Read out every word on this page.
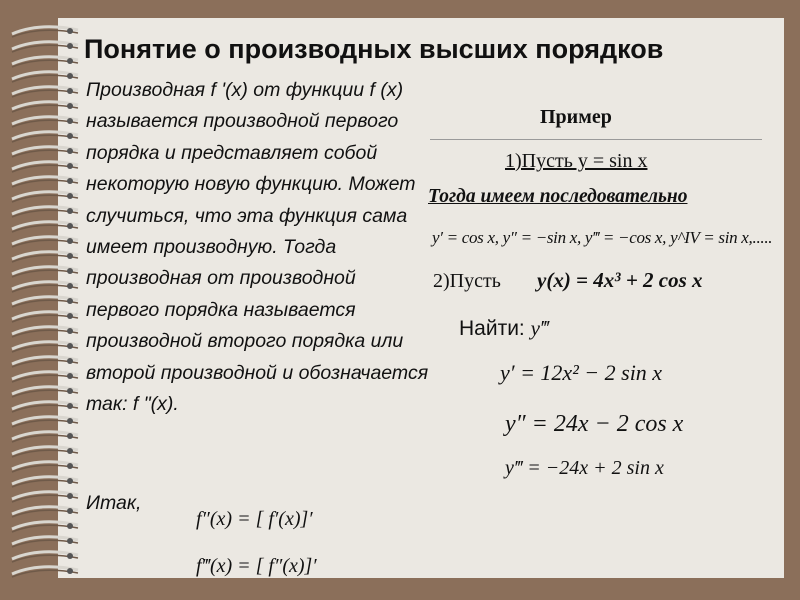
Понятие о производных высших порядков
Производная f '(x) от функции f (x) называется производной первого порядка и представляет собой некоторую новую функцию. Может случиться, что эта функция сама имеет производную. Тогда производная от производной первого порядка называется производной второго порядка или второй производной и обозначается так: f "(x).
Итак,
Пример
1)Пусть у = sin x
Тогда имеем последовательно
y′ = cos x, y″ = −sin x, y‴ = −cos x, y^IV = sin x,.....
2)Пусть y(x) = 4x³ + 2 cos x
Найти: y‴
y′ = 12x² − 2 sin x
y″ = 24x − 2 cos x
y‴ = −24x + 2 sin x
f″(x) = [ f′(x)]′
f‴(x) = [ f″(x)]′
